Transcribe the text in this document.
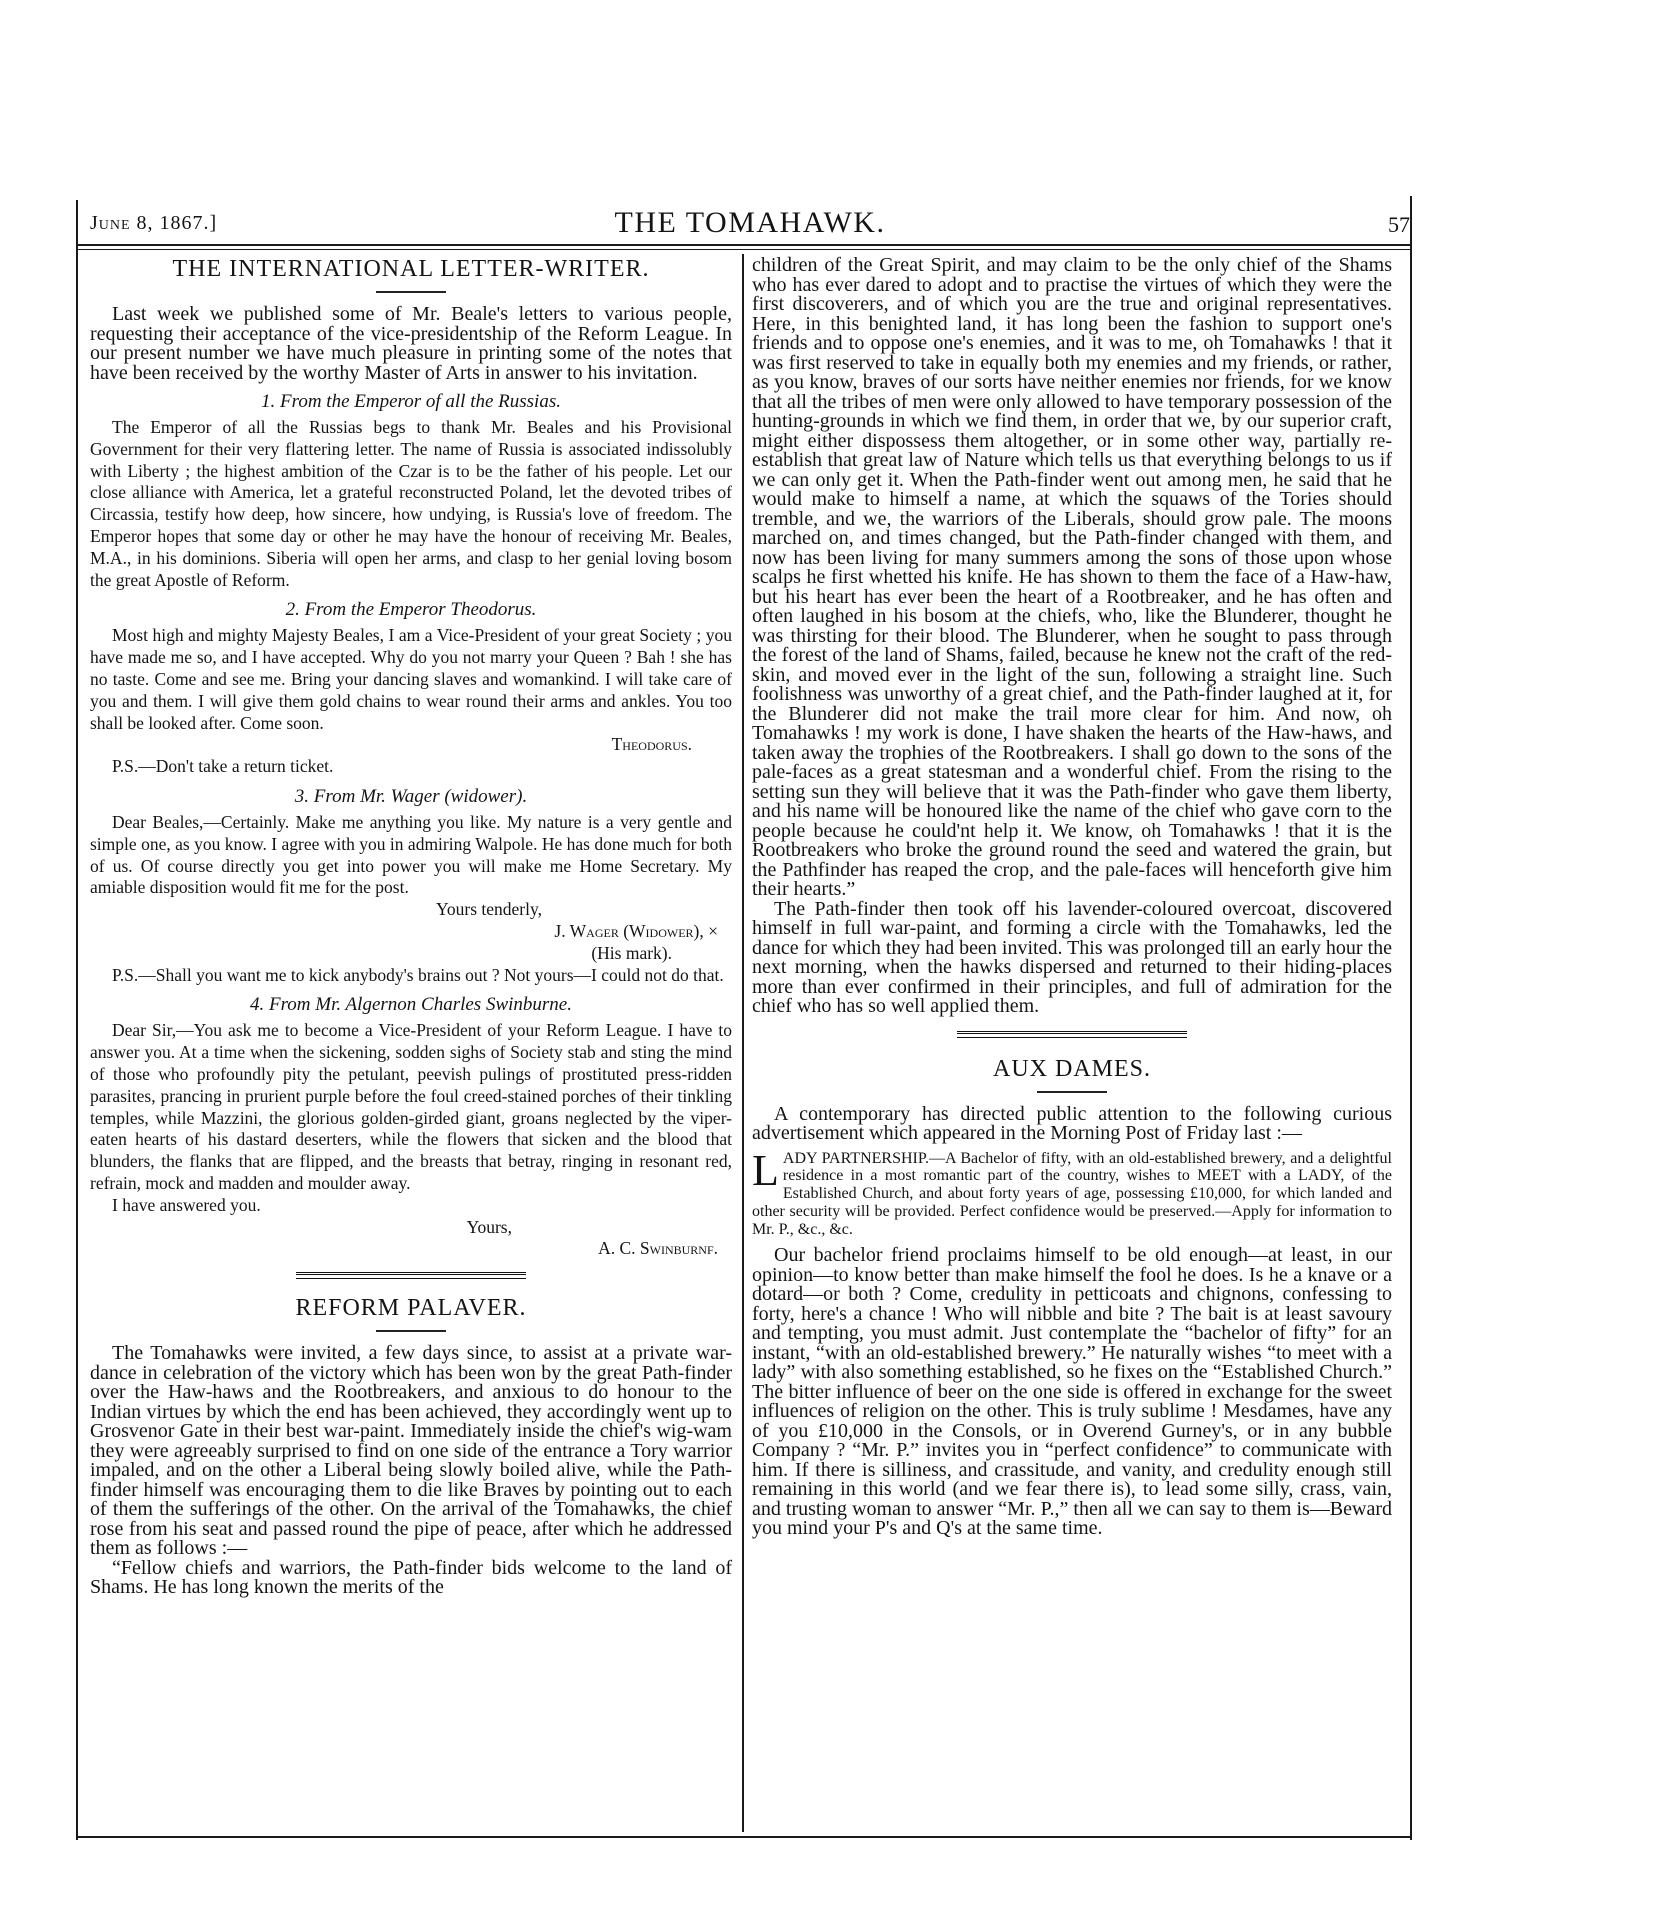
June 8, 1867.]	THE TOMAHAWK.	57
THE INTERNATIONAL LETTER-WRITER.

Last week we published some of Mr. Beale's letters to various people, requesting their acceptance of the vice-presidentship of the Reform League. In our present number we have much pleasure in printing some of the notes that have been received by the worthy Master of Arts in answer to his invitation.

1. From the Emperor of all the Russias.

The Emperor of all the Russias begs to thank Mr. Beales and his Provisional Government for their very flattering letter. The name of Russia is associated indissolubly with Liberty ; the highest ambition of the Czar is to be the father of his people. Let our close alliance with America, let a grateful reconstructed Poland, let the devoted tribes of Circassia, testify how deep, how sincere, how undying, is Russia's love of freedom. The Emperor hopes that some day or other he may have the honour of receiving Mr. Beales, M.A., in his dominions. Siberia will open her arms, and clasp to her genial loving bosom the great Apostle of Reform.

2. From the Emperor Theodorus.

Most high and mighty Majesty Beales, I am a Vice-President of your great Society ; you have made me so, and I have accepted. Why do you not marry your Queen ? Bah ! she has no taste. Come and see me. Bring your dancing slaves and womankind. I will take care of you and them. I will give them gold chains to wear round their arms and ankles. You too shall be looked after. Come soon.

Theodorus.

P.S.—Don't take a return ticket.

3. From Mr. Wager (widower).

Dear Beales,—Certainly. Make me anything you like. My nature is a very gentle and simple one, as you know. I agree with you in admiring Walpole. He has done much for both of us. Of course directly you get into power you will make me Home Secretary. My amiable disposition would fit me for the post.

Yours tenderly,
J. Wager (Widower), ×
(His mark).

P.S.—Shall you want me to kick anybody's brains out ? Not yours—I could not do that.

4. From Mr. Algernon Charles Swinburne.

Dear Sir,—You ask me to become a Vice-President of your Reform League. I have to answer you. At a time when the sickening, sodden sighs of Society stab and sting the mind of those who profoundly pity the petulant, peevish pulings of prostituted press-ridden parasites, prancing in prurient purple before the foul creed-stained porches of their tinkling temples, while Mazzini, the glorious golden-girded giant, groans neglected by the viper-eaten hearts of his dastard deserters, while the flowers that sicken and the blood that blunders, the flanks that are flipped, and the breasts that betray, ringing in resonant red, refrain, mock and madden and moulder away.

I have answered you.

Yours,
A. C. Swinburnf.
REFORM PALAVER.

The Tomahawks were invited, a few days since, to assist at a private war-dance in celebration of the victory which has been won by the great Path-finder over the Haw-haws and the Rootbreakers, and anxious to do honour to the Indian virtues by which the end has been achieved, they accordingly went up to Grosvenor Gate in their best war-paint. Immediately inside the chief's wig-wam they were agreeably surprised to find on one side of the entrance a Tory warrior impaled, and on the other a Liberal being slowly boiled alive, while the Path-finder himself was encouraging them to die like Braves by pointing out to each of them the sufferings of the other. On the arrival of the Tomahawks, the chief rose from his seat and passed round the pipe of peace, after which he addressed them as follows :—

“Fellow chiefs and warriors, the Path-finder bids welcome to the land of Shams. He has long known the merits of the

children of the Great Spirit, and may claim to be the only chief of the Shams who has ever dared to adopt and to practise the virtues of which they were the first discoverers, and of which you are the true and original representatives. Here, in this benighted land, it has long been the fashion to support one's friends and to oppose one's enemies, and it was to me, oh Tomahawks ! that it was first reserved to take in equally both my enemies and my friends, or rather, as you know, braves of our sorts have neither enemies nor friends, for we know that all the tribes of men were only allowed to have temporary possession of the hunting-grounds in which we find them, in order that we, by our superior craft, might either dispossess them altogether, or in some other way, partially re-establish that great law of Nature which tells us that everything belongs to us if we can only get it. When the Path-finder went out among men, he said that he would make to himself a name, at which the squaws of the Tories should tremble, and we, the warriors of the Liberals, should grow pale. The moons marched on, and times changed, but the Path-finder changed with them, and now has been living for many summers among the sons of those upon whose scalps he first whetted his knife. He has shown to them the face of a Haw-haw, but his heart has ever been the heart of a Rootbreaker, and he has often and often laughed in his bosom at the chiefs, who, like the Blunderer, thought he was thirsting for their blood. The Blunderer, when he sought to pass through the forest of the land of Shams, failed, because he knew not the craft of the red-skin, and moved ever in the light of the sun, following a straight line. Such foolishness was unworthy of a great chief, and the Path-finder laughed at it, for the Blunderer did not make the trail more clear for him. And now, oh Tomahawks ! my work is done, I have shaken the hearts of the Haw-haws, and taken away the trophies of the Rootbreakers. I shall go down to the sons of the pale-faces as a great statesman and a wonderful chief. From the rising to the setting sun they will believe that it was the Path-finder who gave them liberty, and his name will be honoured like the name of the chief who gave corn to the people because he could'nt help it. We know, oh Tomahawks ! that it is the Rootbreakers who broke the ground round the seed and watered the grain, but the Pathfinder has reaped the crop, and the pale-faces will henceforth give him their hearts.”

The Path-finder then took off his lavender-coloured overcoat, discovered himself in full war-paint, and forming a circle with the Tomahawks, led the dance for which they had been invited. This was prolonged till an early hour the next morning, when the hawks dispersed and returned to their hiding-places more than ever confirmed in their principles, and full of admiration for the chief who has so well applied them.

AUX DAMES.

A contemporary has directed public attention to the following curious advertisement which appeared in the Morning Post of Friday last :—

LADY PARTNERSHIP.—A Bachelor of fifty, with an old-established brewery, and a delightful residence in a most romantic part of the country, wishes to MEET with a LADY, of the Established Church, and about forty years of age, possessing £10,000, for which landed and other security will be provided. Perfect confidence would be preserved.—Apply for information to Mr. P., &c., &c.

Our bachelor friend proclaims himself to be old enough—at least, in our opinion—to know better than make himself the fool he does. Is he a knave or a dotard—or both ? Come, credulity in petticoats and chignons, confessing to forty, here's a chance ! Who will nibble and bite ? The bait is at least savoury and tempting, you must admit. Just contemplate the “bachelor of fifty” for an instant, “with an old-established brewery.” He naturally wishes “to meet with a lady” with also something established, so he fixes on the “Established Church.” The bitter influence of beer on the one side is offered in exchange for the sweet influences of religion on the other. This is truly sublime ! Mesdames, have any of you £10,000 in the Consols, or in Overend Gurney's, or in any bubble Company ? “Mr. P.” invites you in “perfect confidence” to communicate with him. If there is silliness, and crassitude, and vanity, and credulity enough still remaining in this world (and we fear there is), to lead some silly, crass, vain, and trusting woman to answer “Mr. P.,” then all we can say to them is—Beward you mind your P's and Q's at the same time.
